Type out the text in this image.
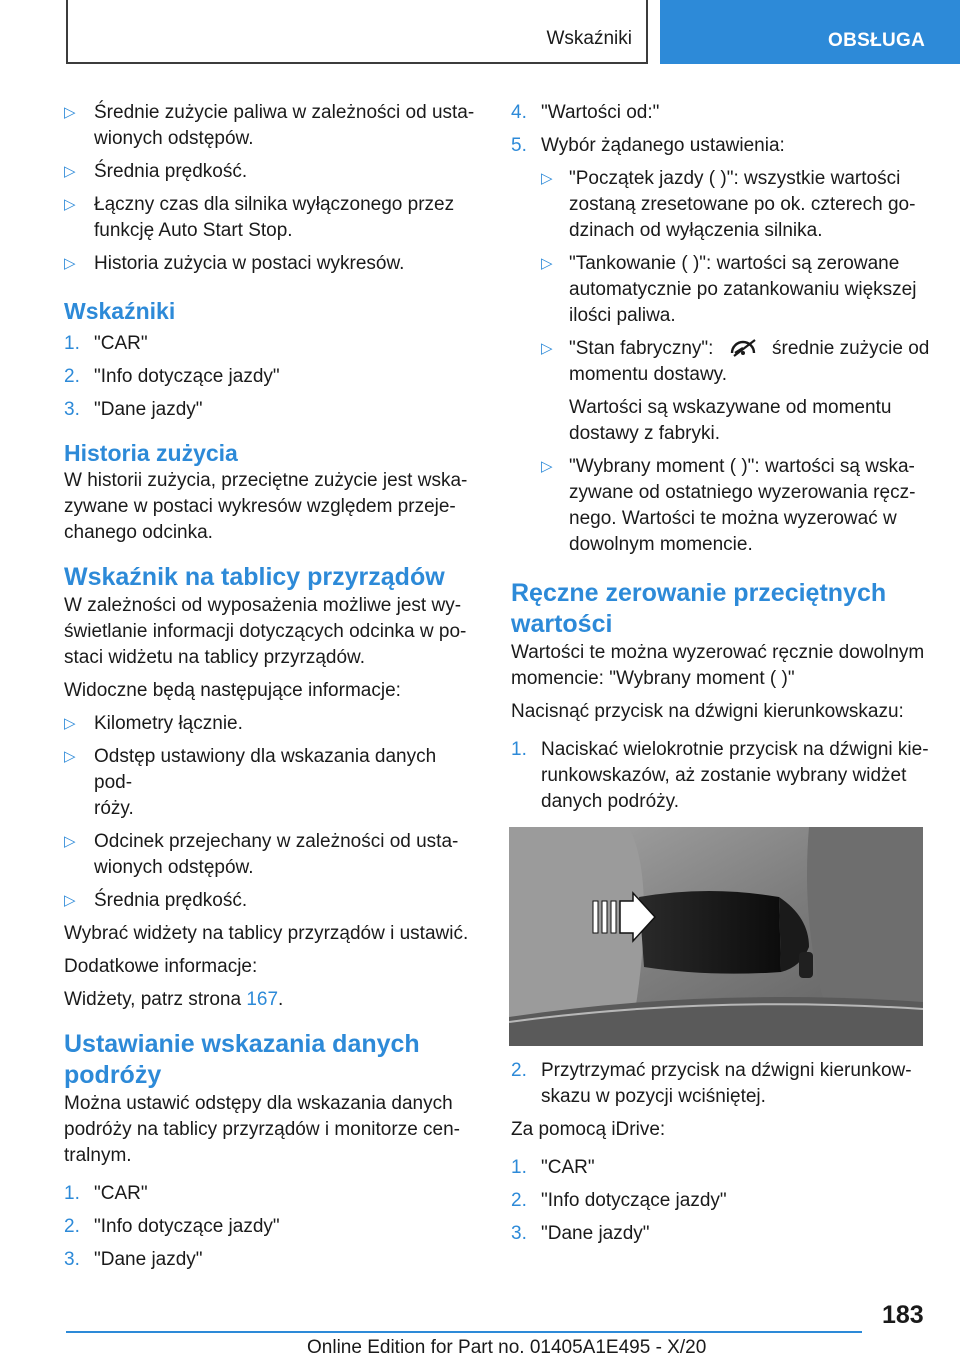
Wskaźniki	OBSŁUGA
▷ Średnie zużycie paliwa w zależności od usta-
wionych odstępów.
▷ Średnia prędkość.
▷ Łączny czas dla silnika wyłączonego przez
funkcję Auto Start Stop.
▷ Historia zużycia w postaci wykresów.
Wskaźniki
1. "CAR"
2. "Info dotyczące jazdy"
3. "Dane jazdy"
Historia zużycia

W historii zużycia, przeciętne zużycie jest wska-
zywane w postaci wykresów względem przeje-
chanego odcinka.

Wskaźnik na tablicy przyrządów

W zależności od wyposażenia możliwe jest wy-
świetlanie informacji dotyczących odcinka w po-
staci widżetu na tablicy przyrządów.

Widoczne będą następujące informacje:

▷ Kilometry łącznie.
▷ Odstęp ustawiony dla wskazania danych pod-
róży.
▷ Odcinek przejechany w zależności od usta-
wionych odstępów.
▷ Średnia prędkość.

Wybrać widżety na tablicy przyrządów i ustawić.

Dodatkowe informacje:

Widżety, patrz strona 167.

Ustawianie wskazania danych
podróży

Można ustawić odstępy dla wskazania danych
podróży na tablicy przyrządów i monitorze cen-
tralnym.

1. "CAR"
2. "Info dotyczące jazdy"
3. "Dane jazdy"
4. "Wartości od:"
5. Wybór żądanego ustawienia:
▷ "Początek jazdy ( )": wszystkie wartości
zostaną zresetowane po ok. czterech go-
dzinach od wyłączenia silnika.
▷ "Tankowanie ( )": wartości są zerowane
automatycznie po zatankowaniu większej
ilości paliwa.
▷ "Stan fabryczny":	średnie zużycie od
momentu dostawy.
Wartości są wskazywane od momentu
dostawy z fabryki.
▷ "Wybrany moment ( )": wartości są wska-
zywane od ostatniego wyzerowania ręcz-
nego. Wartości te można wyzerować w
dowolnym momencie.
Ręczne zerowanie przeciętnych
wartości

Wartości te można wyzerować ręcznie dowolnym
momencie: "Wybrany moment ( )"

Nacisnąć przycisk na dźwigni kierunkowskazu:

1. Naciskać wielokrotnie przycisk na dźwigni kie-
runkowskazów, aż zostanie wybrany widżet
danych podróży.
2. Przytrzymać przycisk na dźwigni kierunkow-
skazu w pozycji wciśniętej.

Za pomocą iDrive:

1. "CAR"
2. "Info dotyczące jazdy"
3. "Dane jazdy"
183
Online Edition for Part no. 01405A1E495 - X/20
